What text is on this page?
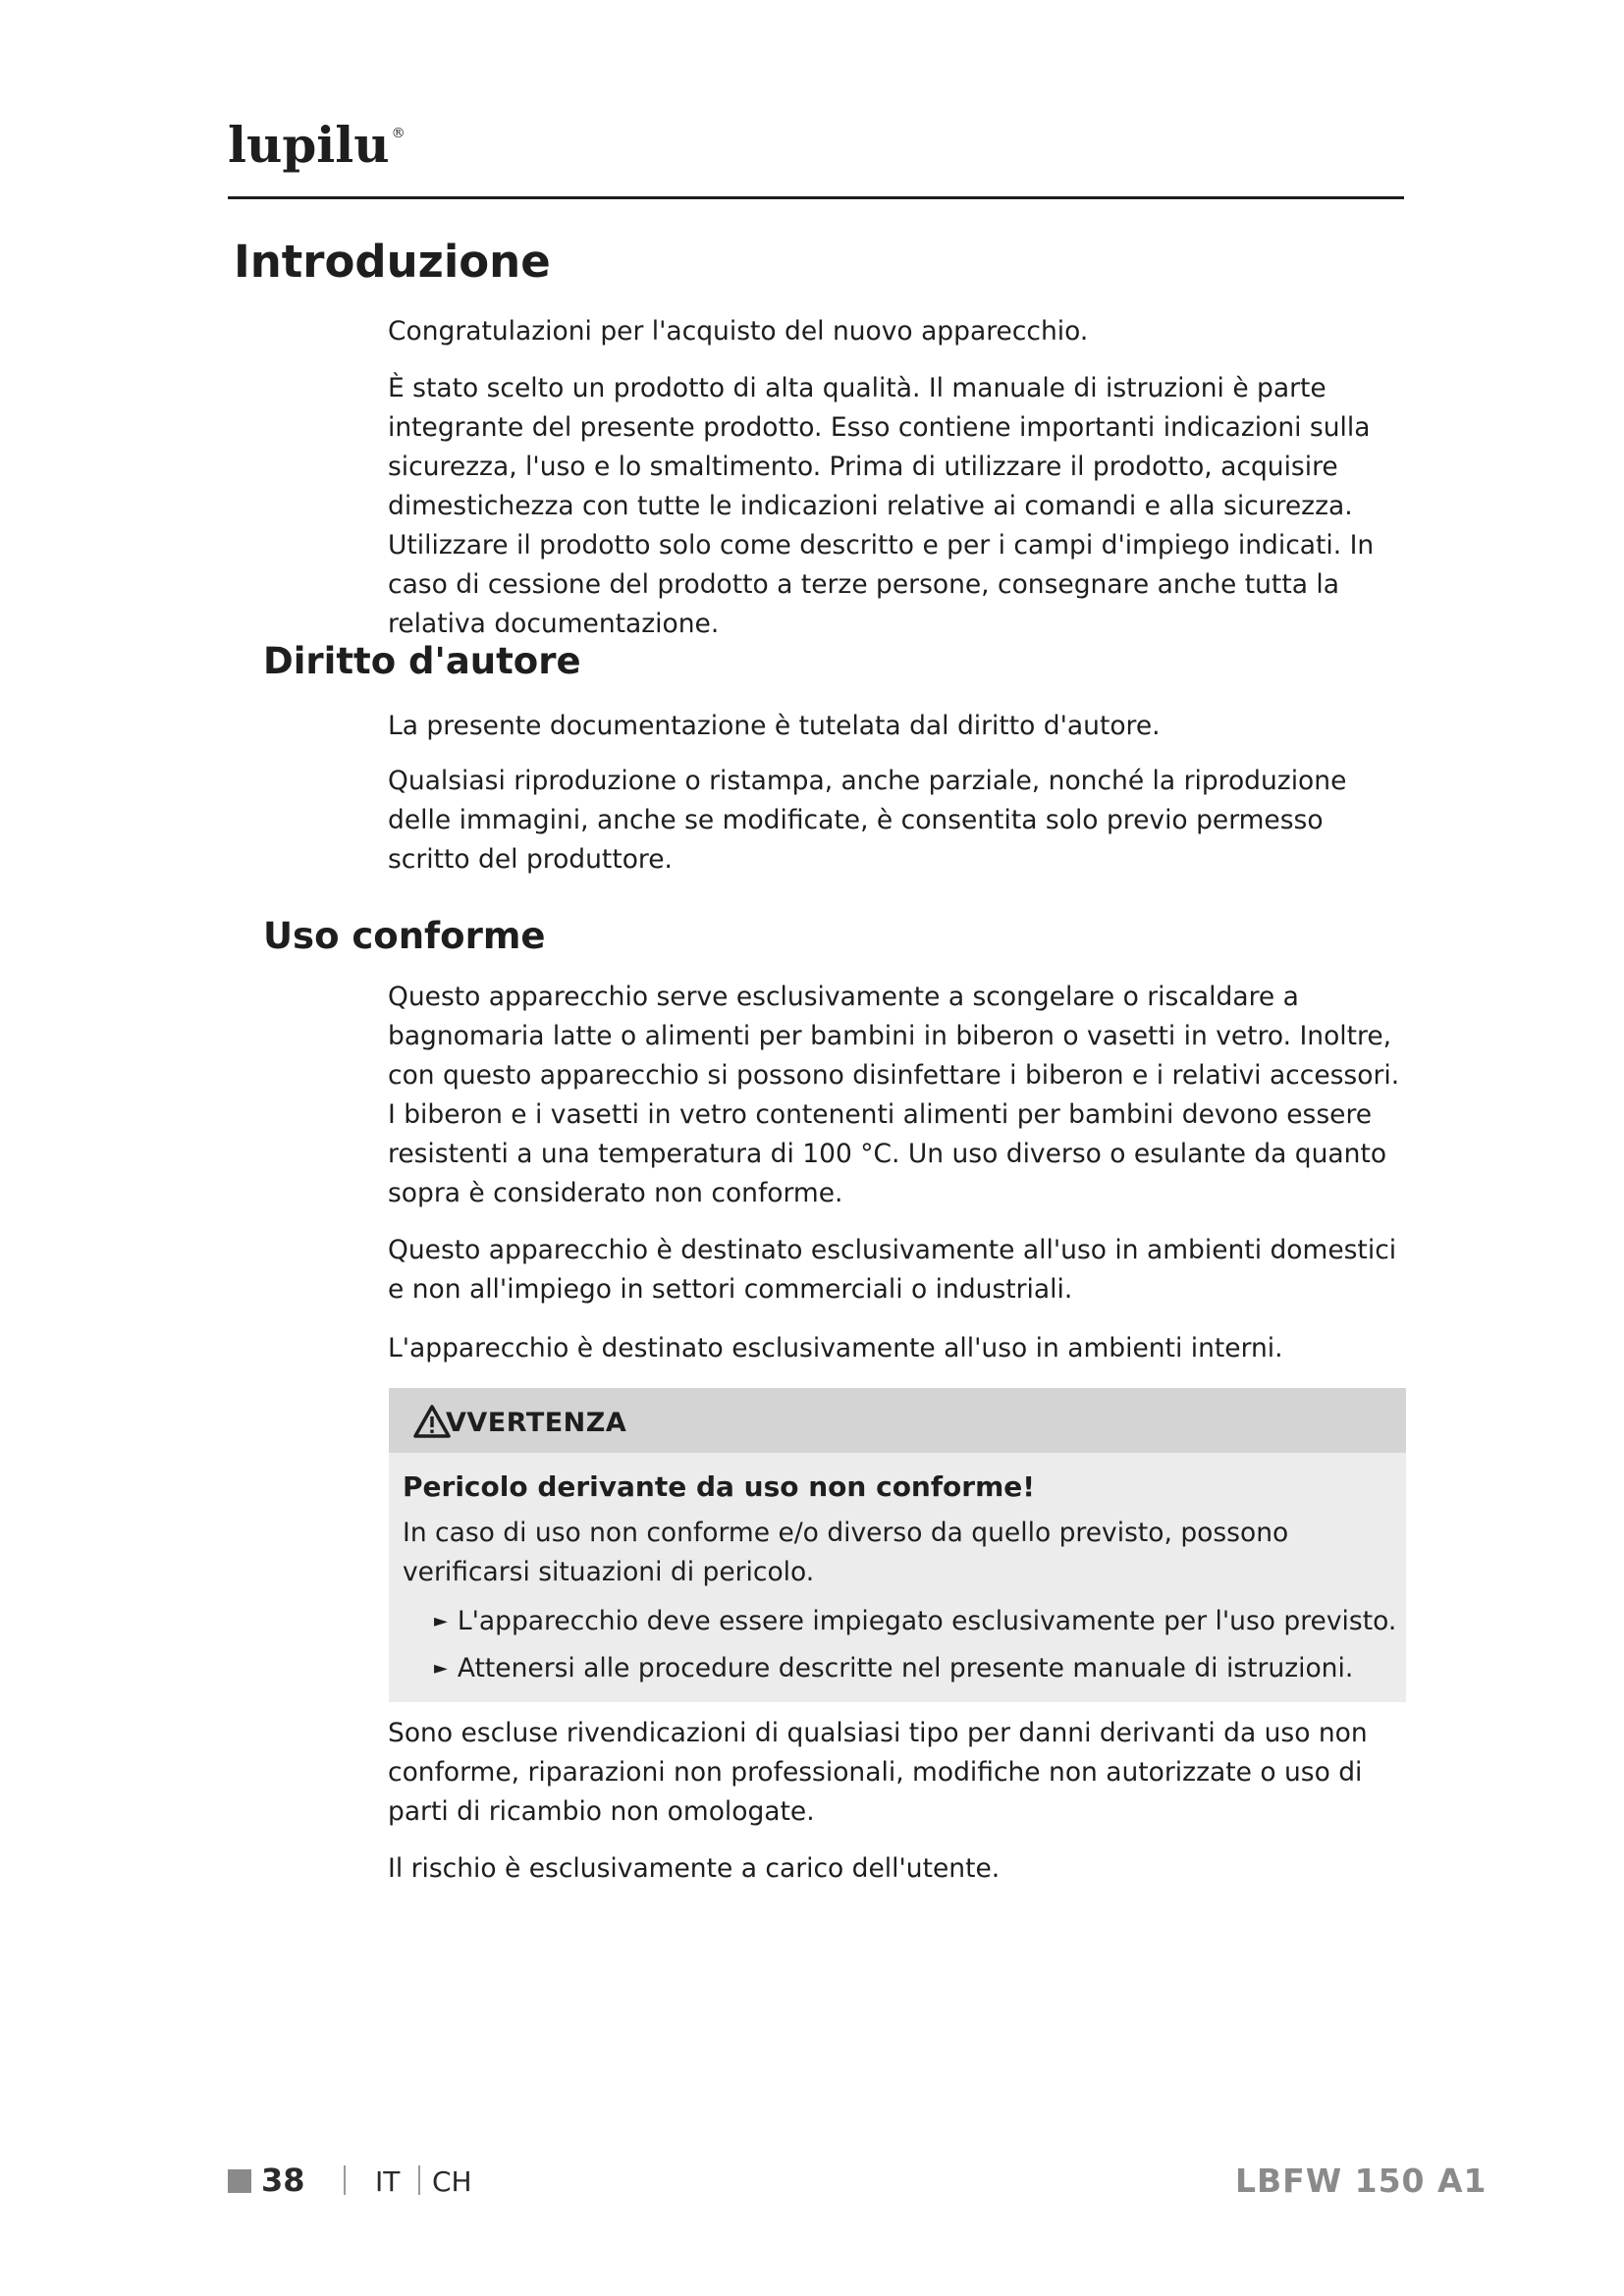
lupilu ®
Introduzione

Congratulazioni per l'acquisto del nuovo apparecchio.

È stato scelto un prodotto di alta qualità. Il manuale di istruzioni è parte integrante del presente prodotto. Esso contiene importanti indicazioni sulla sicurezza, l'uso e lo smaltimento. Prima di utilizzare il prodotto, acquisire dimestichezza con tutte le indicazioni relative ai comandi e alla sicurezza. Utilizzare il prodotto solo come descritto e per i campi d'impiego indicati. In caso di cessione del prodotto a terze persone, consegnare anche tutta la relativa documentazione.

Diritto d'autore

La presente documentazione è tutelata dal diritto d'autore.

Qualsiasi riproduzione o ristampa, anche parziale, nonché la riproduzione delle immagini, anche se modificate, è consentita solo previo permesso scritto del produttore.

Uso conforme

Questo apparecchio serve esclusivamente a scongelare o riscaldare a bagnomaria latte o alimenti per bambini in biberon o vasetti in vetro. Inoltre, con questo apparecchio si possono disinfettare i biberon e i relativi accessori. I biberon e i vasetti in vetro contenenti alimenti per bambini devono essere resistenti a una temperatura di 100 °C. Un uso diverso o esulante da quanto sopra è considerato non conforme.

Questo apparecchio è destinato esclusivamente all'uso in ambienti domestici e non all'impiego in settori commerciali o industriali.

L'apparecchio è destinato esclusivamente all'uso in ambienti interni.

VVERTENZA
Pericolo derivante da uso non conforme!
In caso di uso non conforme e/o diverso da quello previsto, possono verificarsi situazioni di pericolo.
► L'apparecchio deve essere impiegato esclusivamente per l'uso previsto.
► Attenersi alle procedure descritte nel presente manuale di istruzioni.

Sono escluse rivendicazioni di qualsiasi tipo per danni derivanti da uso non conforme, riparazioni non professionali, modifiche non autorizzate o uso di parti di ricambio non omologate.

Il rischio è esclusivamente a carico dell'utente.

38	IT CH	LBFW 150 A1
